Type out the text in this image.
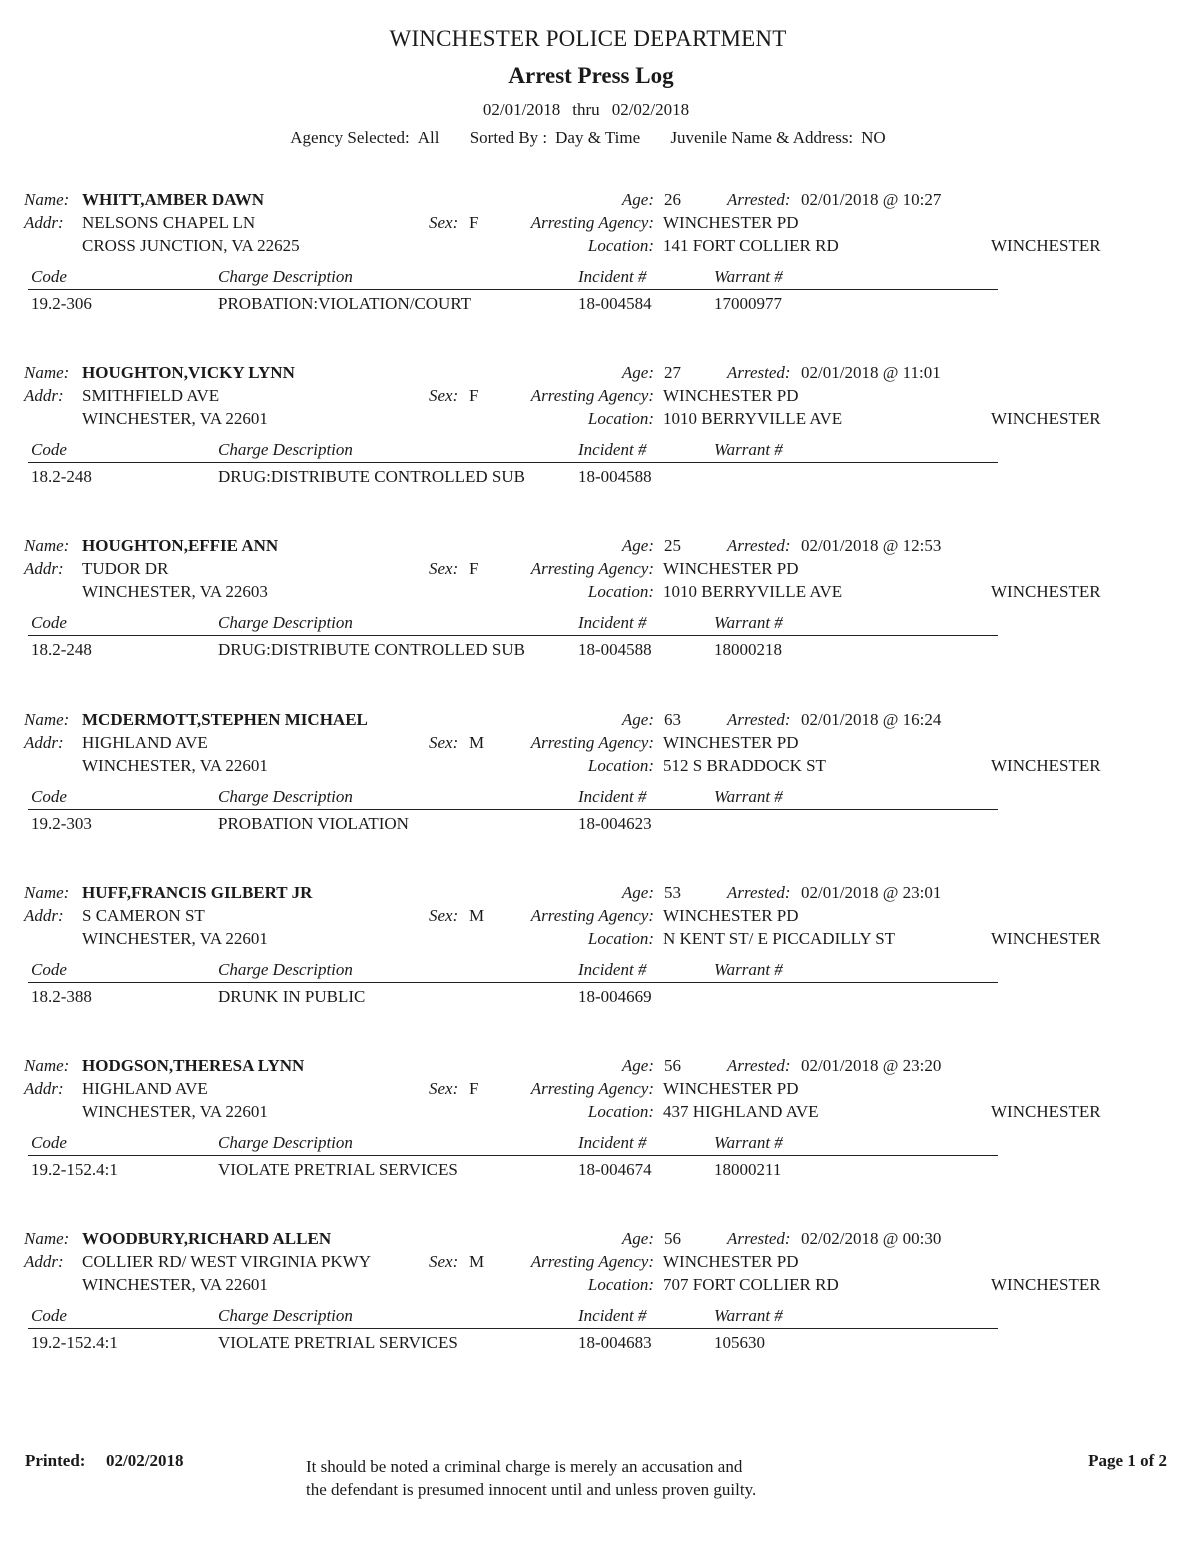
WINCHESTER POLICE DEPARTMENT
Arrest Press Log
02/01/2018 thru 02/02/2018
Agency Selected: All Sorted By : Day & Time Juvenile Name & Address: NO
Name: WHITT,AMBER DAWN
Addr: NELSONS CHAPEL LN
CROSS JUNCTION, VA 22625
Sex: F
Age: 26	Arrested: 02/01/2018 @ 10:27
Arresting Agency: WINCHESTER PD
Location: 141 FORT COLLIER RD	WINCHESTER
Code	Charge Description	Incident #	Warrant #
19.2-306	PROBATION:VIOLATION/COURT	18-004584	17000977
Name: HOUGHTON,VICKY LYNN
Addr: SMITHFIELD AVE
WINCHESTER, VA 22601
Sex: F
Age: 27	Arrested: 02/01/2018 @ 11:01
Arresting Agency: WINCHESTER PD
Location: 1010 BERRYVILLE AVE	WINCHESTER
Code	Charge Description	Incident #	Warrant #
18.2-248	DRUG:DISTRIBUTE CONTROLLED SUB	18-004588
Name: HOUGHTON,EFFIE ANN
Addr: TUDOR DR
WINCHESTER, VA 22603
Sex: F
Age: 25	Arrested: 02/01/2018 @ 12:53
Arresting Agency: WINCHESTER PD
Location: 1010 BERRYVILLE AVE	WINCHESTER
Code	Charge Description	Incident #	Warrant #
18.2-248	DRUG:DISTRIBUTE CONTROLLED SUB	18-004588	18000218
Name: MCDERMOTT,STEPHEN MICHAEL
Addr: HIGHLAND AVE
WINCHESTER, VA 22601
Sex: M
Age: 63	Arrested: 02/01/2018 @ 16:24
Arresting Agency: WINCHESTER PD
Location: 512 S BRADDOCK ST	WINCHESTER
Code	Charge Description	Incident #	Warrant #
19.2-303	PROBATION VIOLATION	18-004623
Name: HUFF,FRANCIS GILBERT JR
Addr: S CAMERON ST
WINCHESTER, VA 22601
Sex: M
Age: 53	Arrested: 02/01/2018 @ 23:01
Arresting Agency: WINCHESTER PD
Location: N KENT ST/ E PICCADILLY ST	WINCHESTER
Code	Charge Description	Incident #	Warrant #
18.2-388	DRUNK IN PUBLIC	18-004669
Name: HODGSON,THERESA LYNN
Addr: HIGHLAND AVE
WINCHESTER, VA 22601
Sex: F
Age: 56	Arrested: 02/01/2018 @ 23:20
Arresting Agency: WINCHESTER PD
Location: 437 HIGHLAND AVE	WINCHESTER
Code	Charge Description	Incident #	Warrant #
19.2-152.4:1	VIOLATE PRETRIAL SERVICES	18-004674	18000211
Name: WOODBURY,RICHARD ALLEN
Addr: COLLIER RD/ WEST VIRGINIA PKWY
WINCHESTER, VA 22601
Sex: M
Age: 56	Arrested: 02/02/2018 @ 00:30
Arresting Agency: WINCHESTER PD
Location: 707 FORT COLLIER RD	WINCHESTER
Code	Charge Description	Incident #	Warrant #
19.2-152.4:1	VIOLATE PRETRIAL SERVICES	18-004683	105630
Printed: 02/02/2018	It should be noted a criminal charge is merely an accusation and
the defendant is presumed innocent until and unless proven guilty.
Page 1 of 2
